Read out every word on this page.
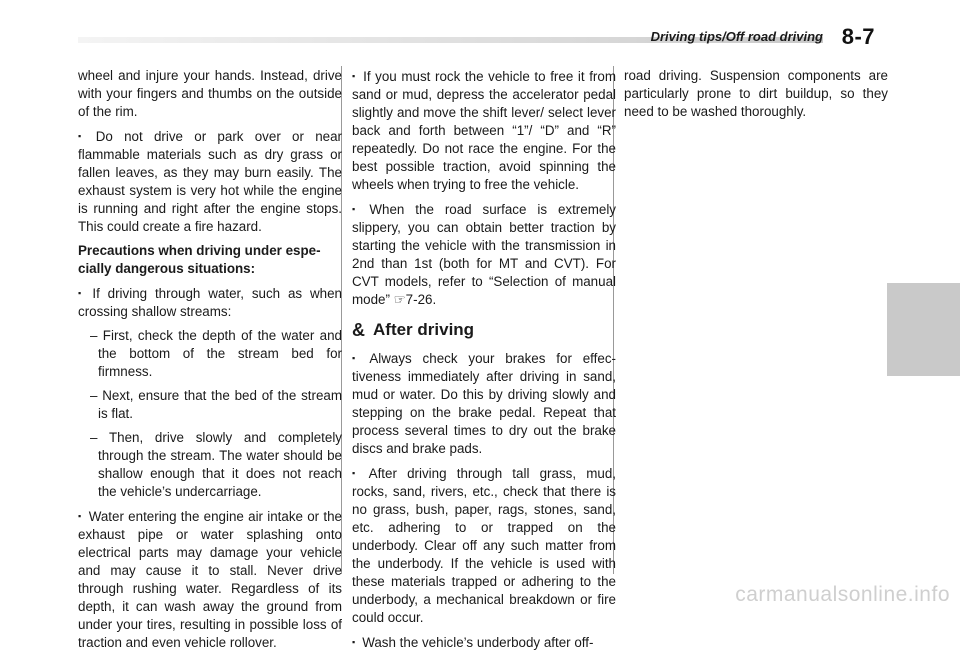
Driving tips/Off road driving 8-7

wheel and injure your hands. Instead, drive with your fingers and thumbs on the outside of the rim.

▪ Do not drive or park over or near flammable materials such as dry grass or fallen leaves, as they may burn easily. The exhaust system is very hot while the engine is running and right after the engine stops. This could create a fire hazard.

Precautions when driving under espe- cially dangerous situations:

▪ If driving through water, such as when crossing shallow streams:

– First, check the depth of the water and the bottom of the stream bed for firmness.

– Next, ensure that the bed of the stream is flat.

– Then, drive slowly and completely through the stream. The water should be shallow enough that it does not reach the vehicle’s undercarriage.

▪ Water entering the engine air intake or the exhaust pipe or water splashing onto electrical parts may damage your vehicle and may cause it to stall. Never drive through rushing water. Regardless of its depth, it can wash away the ground from under your tires, resulting in possible loss of traction and even vehicle rollover.

▪ If you must rock the vehicle to free it from sand or mud, depress the accelerator pedal slightly and move the shift lever/ select lever back and forth between “1”/ “D” and “R” repeatedly. Do not race the engine. For the best possible traction, avoid spinning the wheels when trying to free the vehicle.

▪ When the road surface is extremely slippery, you can obtain better traction by starting the vehicle with the transmission in 2nd than 1st (both for MT and CVT). For CVT models, refer to “Selection of manual mode” ☞7-26.

& After driving

▪ Always check your brakes for effec- tiveness immediately after driving in sand, mud or water. Do this by driving slowly and stepping on the brake pedal. Repeat that process several times to dry out the brake discs and brake pads.

▪ After driving through tall grass, mud, rocks, sand, rivers, etc., check that there is no grass, bush, paper, rags, stones, sand, etc. adhering to or trapped on the underbody. Clear off any such matter from the underbody. If the vehicle is used with these materials trapped or adhering to the underbody, a mechanical breakdown or fire could occur.

▪ Wash the vehicle’s underbody after off-

road driving. Suspension components are particularly prone to dirt buildup, so they need to be washed thoroughly.

carmanualsonline.info
